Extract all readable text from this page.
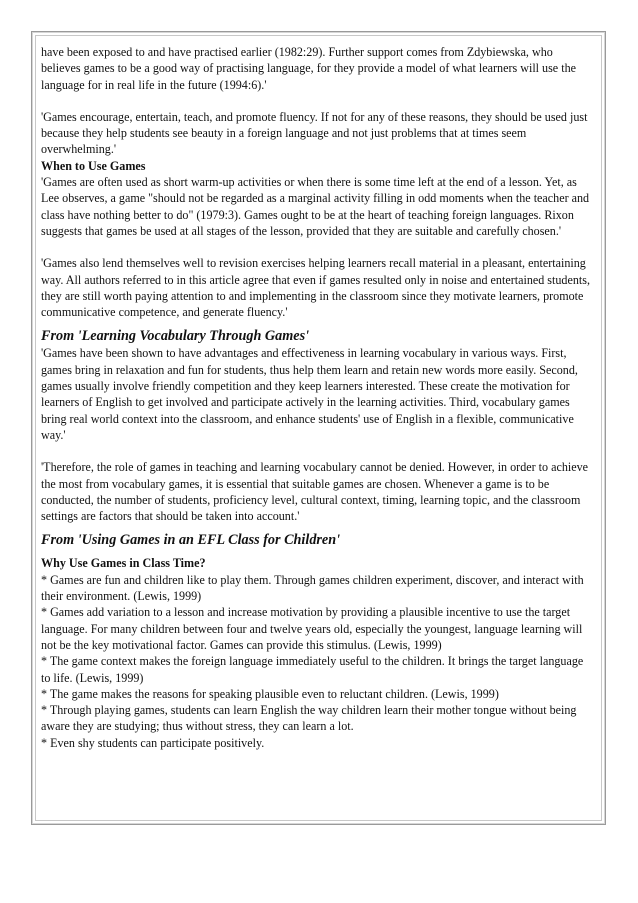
have been exposed to and have practised earlier (1982:29). Further support comes from Zdybiewska, who believes games to be a good way of practising language, for they provide a model of what learners will use the language for in real life in the future (1994:6).'

'Games encourage, entertain, teach, and promote fluency. If not for any of these reasons, they should be used just because they help students see beauty in a foreign language and not just problems that at times seem overwhelming.'

When to Use Games

'Games are often used as short warm-up activities or when there is some time left at the end of a lesson. Yet, as Lee observes, a game "should not be regarded as a marginal activity filling in odd moments when the teacher and class have nothing better to do" (1979:3). Games ought to be at the heart of teaching foreign languages. Rixon suggests that games be used at all stages of the lesson, provided that they are suitable and carefully chosen.'

'Games also lend themselves well to revision exercises helping learners recall material in a pleasant, entertaining way. All authors referred to in this article agree that even if games resulted only in noise and entertained students, they are still worth paying attention to and implementing in the classroom since they motivate learners, promote communicative competence, and generate fluency.'

From 'Learning Vocabulary Through Games'

'Games have been shown to have advantages and effectiveness in learning vocabulary in various ways. First, games bring in relaxation and fun for students, thus help them learn and retain new words more easily. Second, games usually involve friendly competition and they keep learners interested. These create the motivation for learners of English to get involved and participate actively in the learning activities. Third, vocabulary games bring real world context into the classroom, and enhance students' use of English in a flexible, communicative way.'

'Therefore, the role of games in teaching and learning vocabulary cannot be denied. However, in order to achieve the most from vocabulary games, it is essential that suitable games are chosen. Whenever a game is to be conducted, the number of students, proficiency level, cultural context, timing, learning topic, and the classroom settings are factors that should be taken into account.'

From 'Using Games in an EFL Class for Children'

Why Use Games in Class Time?

* Games are fun and children like to play them. Through games children experiment, discover, and interact with their environment. (Lewis, 1999)

* Games add variation to a lesson and increase motivation by providing a plausible incentive to use the target language. For many children between four and twelve years old, especially the youngest, language learning will not be the key motivational factor. Games can provide this stimulus. (Lewis, 1999)

* The game context makes the foreign language immediately useful to the children. It brings the target language to life. (Lewis, 1999)

* The game makes the reasons for speaking plausible even to reluctant children. (Lewis, 1999)

* Through playing games, students can learn English the way children learn their mother tongue without being aware they are studying; thus without stress, they can learn a lot.

* Even shy students can participate positively.
